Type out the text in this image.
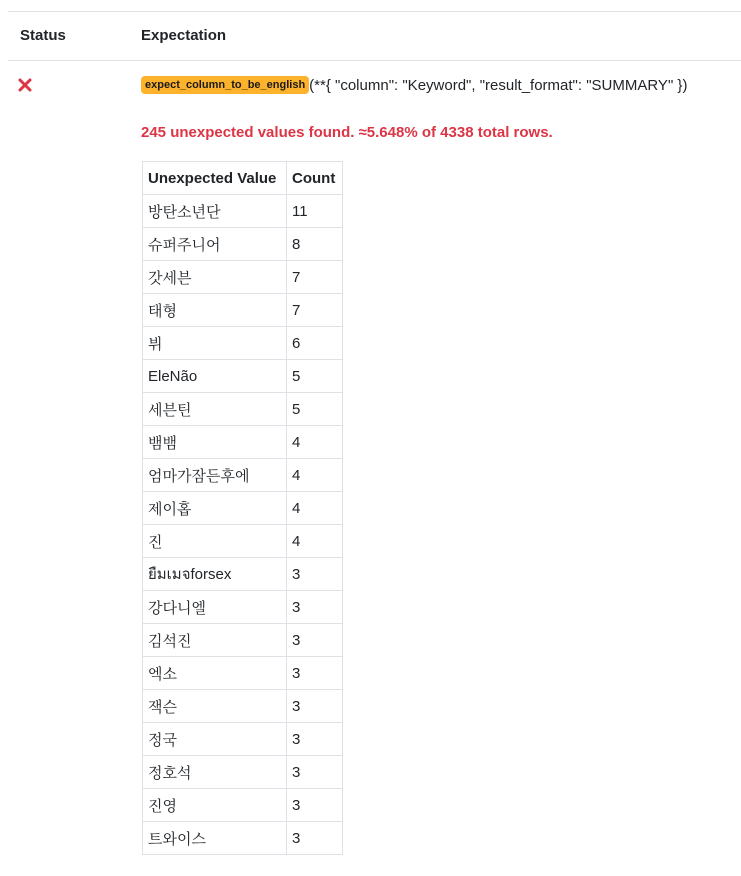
Status	Expectation
expect_column_to_be_english (**{ "column": "Keyword", "result_format": "SUMMARY" })
245 unexpected values found. ≈5.648% of 4338 total rows.
Unexpected Value	Count
방탄소년단	11
슈퍼주니어	8
갓세븐	7
태형	7
뷔	6
EleNão	5
세븐틴	5
뱀뱀	4
엄마가잠든후에	4
제이홉	4
진	4
ยืมเมจforsex	3
강다니엘	3
김석진	3
엑소	3
잭슨	3
정국	3
정호석	3
진영	3
트와이스	3
